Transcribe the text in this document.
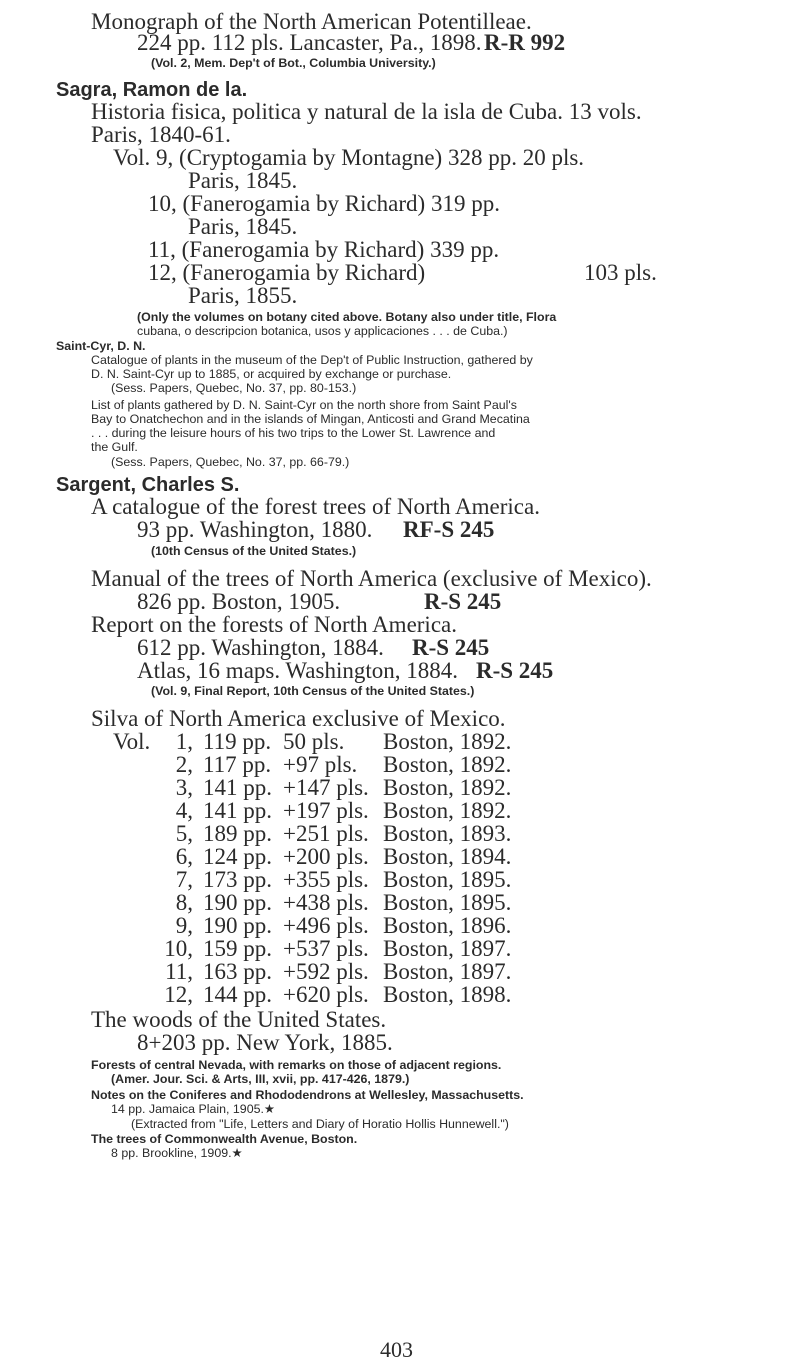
Monograph of the North American Potentilleae.
224 pp. 112 pls. Lancaster, Pa., 1898. R-R 992
(Vol. 2, Mem. Dep't of Bot., Columbia University.)
Sagra, Ramon de la.
Historia fisica, politica y natural de la isla de Cuba. 13 vols.
Paris, 1840-61.
Vol. 9, (Cryptogamia by Montagne) 328 pp. 20 pls.
Paris, 1845.
10, (Fanerogamia by Richard) 319 pp.
Paris, 1845.
11, (Fanerogamia by Richard) 339 pp.
12, (Fanerogamia by Richard)	103 pls.
Paris, 1855.
(Only the volumes on botany cited above. Botany also under title, Flora
cubana, o descripcion botanica, usos y applicaciones . . . de Cuba.)
Saint-Cyr, D. N.
Catalogue of plants in the museum of the Dep't of Public Instruction, gathered by
D. N. Saint-Cyr up to 1885, or acquired by exchange or purchase.
(Sess. Papers, Quebec, No. 37, pp. 80-153.)
List of plants gathered by D. N. Saint-Cyr on the north shore from Saint Paul's
Bay to Onatchechon and in the islands of Mingan, Anticosti and Grand Mecatina
. . . during the leisure hours of his two trips to the Lower St. Lawrence and
the Gulf.
(Sess. Papers, Quebec, No. 37, pp. 66-79.)
Sargent, Charles S.
A catalogue of the forest trees of North America.
93 pp. Washington, 1880. RF-S 245
(10th Census of the United States.)
Manual of the trees of North America (exclusive of Mexico).
826 pp. Boston, 1905.	R-S 245
Report on the forests of North America.
612 pp. Washington, 1884. R-S 245
Atlas, 16 maps. Washington, 1884. R-S 245
(Vol. 9, Final Report, 10th Census of the United States.)
Silva of North America exclusive of Mexico.
Vol.	1, 119 pp. 50 pls. Boston, 1892.
2, 117 pp. +97 pls. Boston, 1892.
3, 141 pp. +147 pls. Boston, 1892.
4, 141 pp. +197 pls. Boston, 1892.
5, 189 pp. +251 pls. Boston, 1893.
6, 124 pp. +200 pls. Boston, 1894.
7, 173 pp. +355 pls. Boston, 1895.
8, 190 pp. +438 pls. Boston, 1895.
9, 190 pp. +496 pls. Boston, 1896.
10, 159 pp. +537 pls. Boston, 1897.
11, 163 pp. +592 pls. Boston, 1897.
12, 144 pp. +620 pls. Boston, 1898.
The woods of the United States.
8+203 pp. New York, 1885.
Forests of central Nevada, with remarks on those of adjacent regions.
(Amer. Jour. Sci. & Arts, III, xvii, pp. 417-426, 1879.)
Notes on the Coniferes and Rhododendrons at Wellesley, Massachusetts.
14 pp. Jamaica Plain, 1905.★
(Extracted from "Life, Letters and Diary of Horatio Hollis Hunnewell.")
The trees of Commonwealth Avenue, Boston.
8 pp. Brookline, 1909.★
403
